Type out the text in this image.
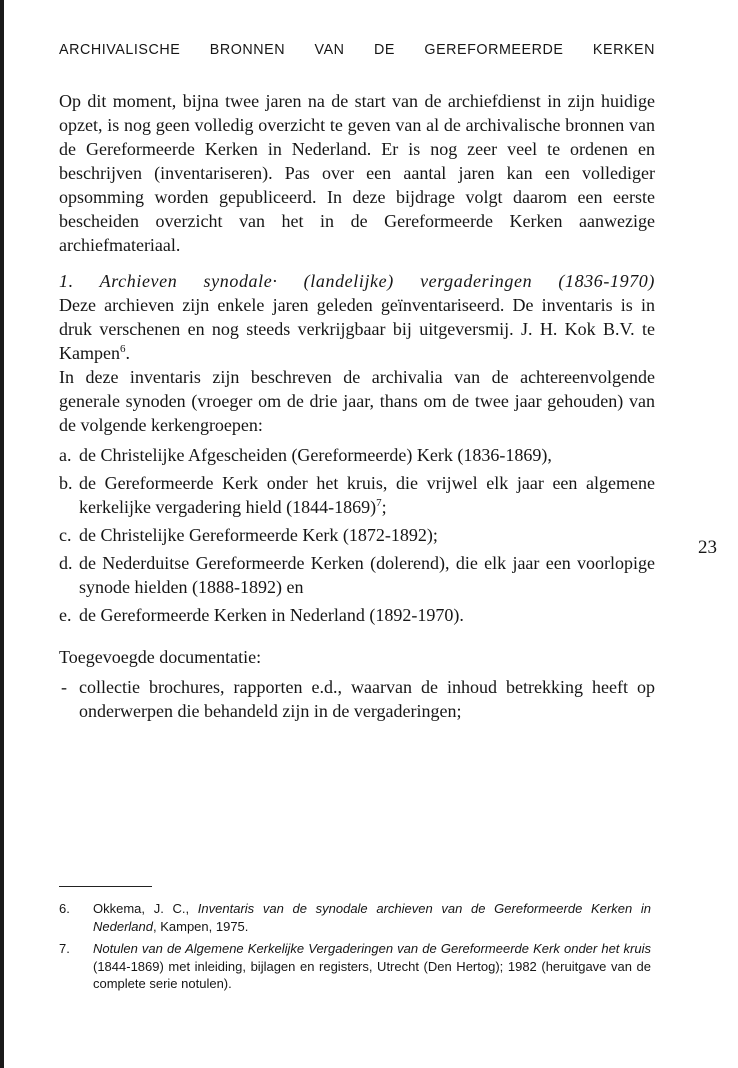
ARCHIVALISCHE BRONNEN VAN DE GEREFORMEERDE KERKEN

Op dit moment, bijna twee jaren na de start van de archiefdienst in zijn huidige opzet, is nog geen volledig overzicht te geven van al de archivalische bronnen van de Gereformeerde Kerken in Nederland. Er is nog zeer veel te ordenen en beschrijven (inventariseren). Pas over een aantal jaren kan een vollediger opsomming worden gepubliceerd. In deze bijdrage volgt daarom een eerste bescheiden overzicht van het in de Gereformeerde Kerken aanwezige archiefmateriaal.

1. Archieven synodale· (landelijke) vergaderingen (1836-1970)

Deze archieven zijn enkele jaren geleden geïnventariseerd. De inventaris is in druk verschenen en nog steeds verkrijgbaar bij uitgeversmij. J. H. Kok B.V. te Kampen$^6$.

In deze inventaris zijn beschreven de archivalia van de achtereenvolgende generale synoden (vroeger om de drie jaar, thans om de twee jaar gehouden) van de volgende kerkengroepen:

a. de Christelijke Afgescheiden (Gereformeerde) Kerk (1836-1869),
b. de Gereformeerde Kerk onder het kruis, die vrijwel elk jaar een algemene kerkelijke vergadering hield (1844-1869)$^7$;
c. de Christelijke Gereformeerde Kerk (1872-1892);
d. de Nederduitse Gereformeerde Kerken (dolerend), die elk jaar een voorlopige synode hielden (1888-1892) en
e. de Gereformeerde Kerken in Nederland (1892-1970).

Toegevoegde documentatie:

- collectie brochures, rapporten e.d., waarvan de inhoud betrekking heeft op onderwerpen die behandeld zijn in de vergaderingen;
23
6. Okkema, J. C., Inventaris van de synodale archieven van de Gereformeerde Kerken in Nederland, Kampen, 1975.
7. Notulen van de Algemene Kerkelijke Vergaderingen van de Gereformeerde Kerk onder het kruis (1844-1869) met inleiding, bijlagen en registers, Utrecht (Den Hertog); 1982 (heruitgave van de complete serie notulen).
